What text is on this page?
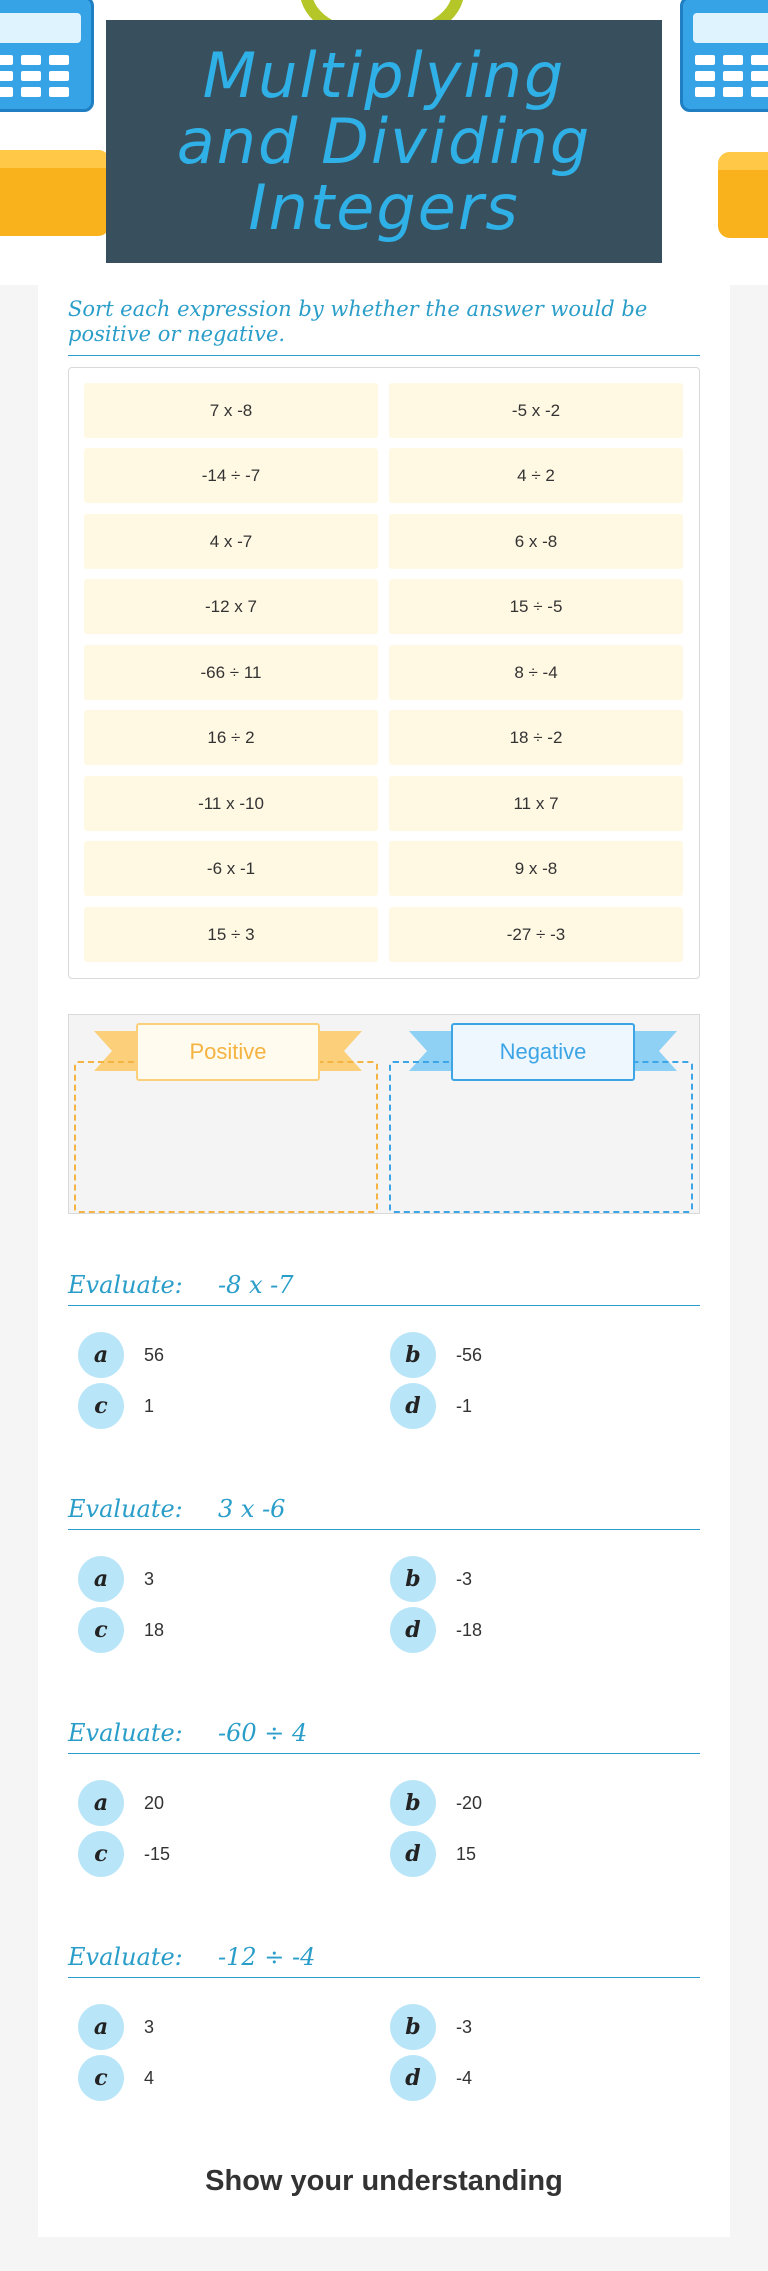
Multiplying and Dividing Integers
Sort each expression by whether the answer would be positive or negative.
7 x -8	-5 x -2
-14 ÷ -7	4 ÷ 2
4 x -7	6 x -8
-12 x 7	15 ÷ -5
-66 ÷ 11	8 ÷ -4
16 ÷ 2	18 ÷ -2
-11 x -10	11 x 7
-6 x -1	9 x -8
15 ÷ 3	-27 ÷ -3
Positive	Negative
Evaluate: -8 x -7
a	56	b	-56
c	1	d	-1
Evaluate: 3 x -6
a	3	b	-3
c	18	d	-18
Evaluate: -60 ÷ 4
a	20	b	-20
c	-15	d	15
Evaluate: -12 ÷ -4
a	3	b	-3
c	4	d	-4
Show your understanding
